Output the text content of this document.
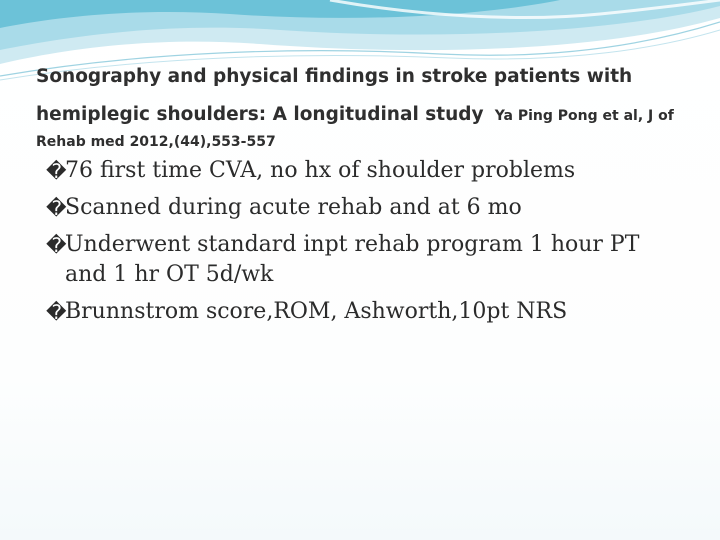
Sonography and physical findings in stroke patients with
hemiplegic shoulders: A longitudinal study Ya Ping Pong et al, J of
Rehab med 2012,(44),553-557
�
76 first time CVA, no hx of shoulder problems
�
Scanned during acute rehab and at 6 mo
�
Underwent standard inpt rehab program 1 hour PT and 1 hr OT 5d/wk
�
Brunnstrom score,ROM, Ashworth,10pt NRS
